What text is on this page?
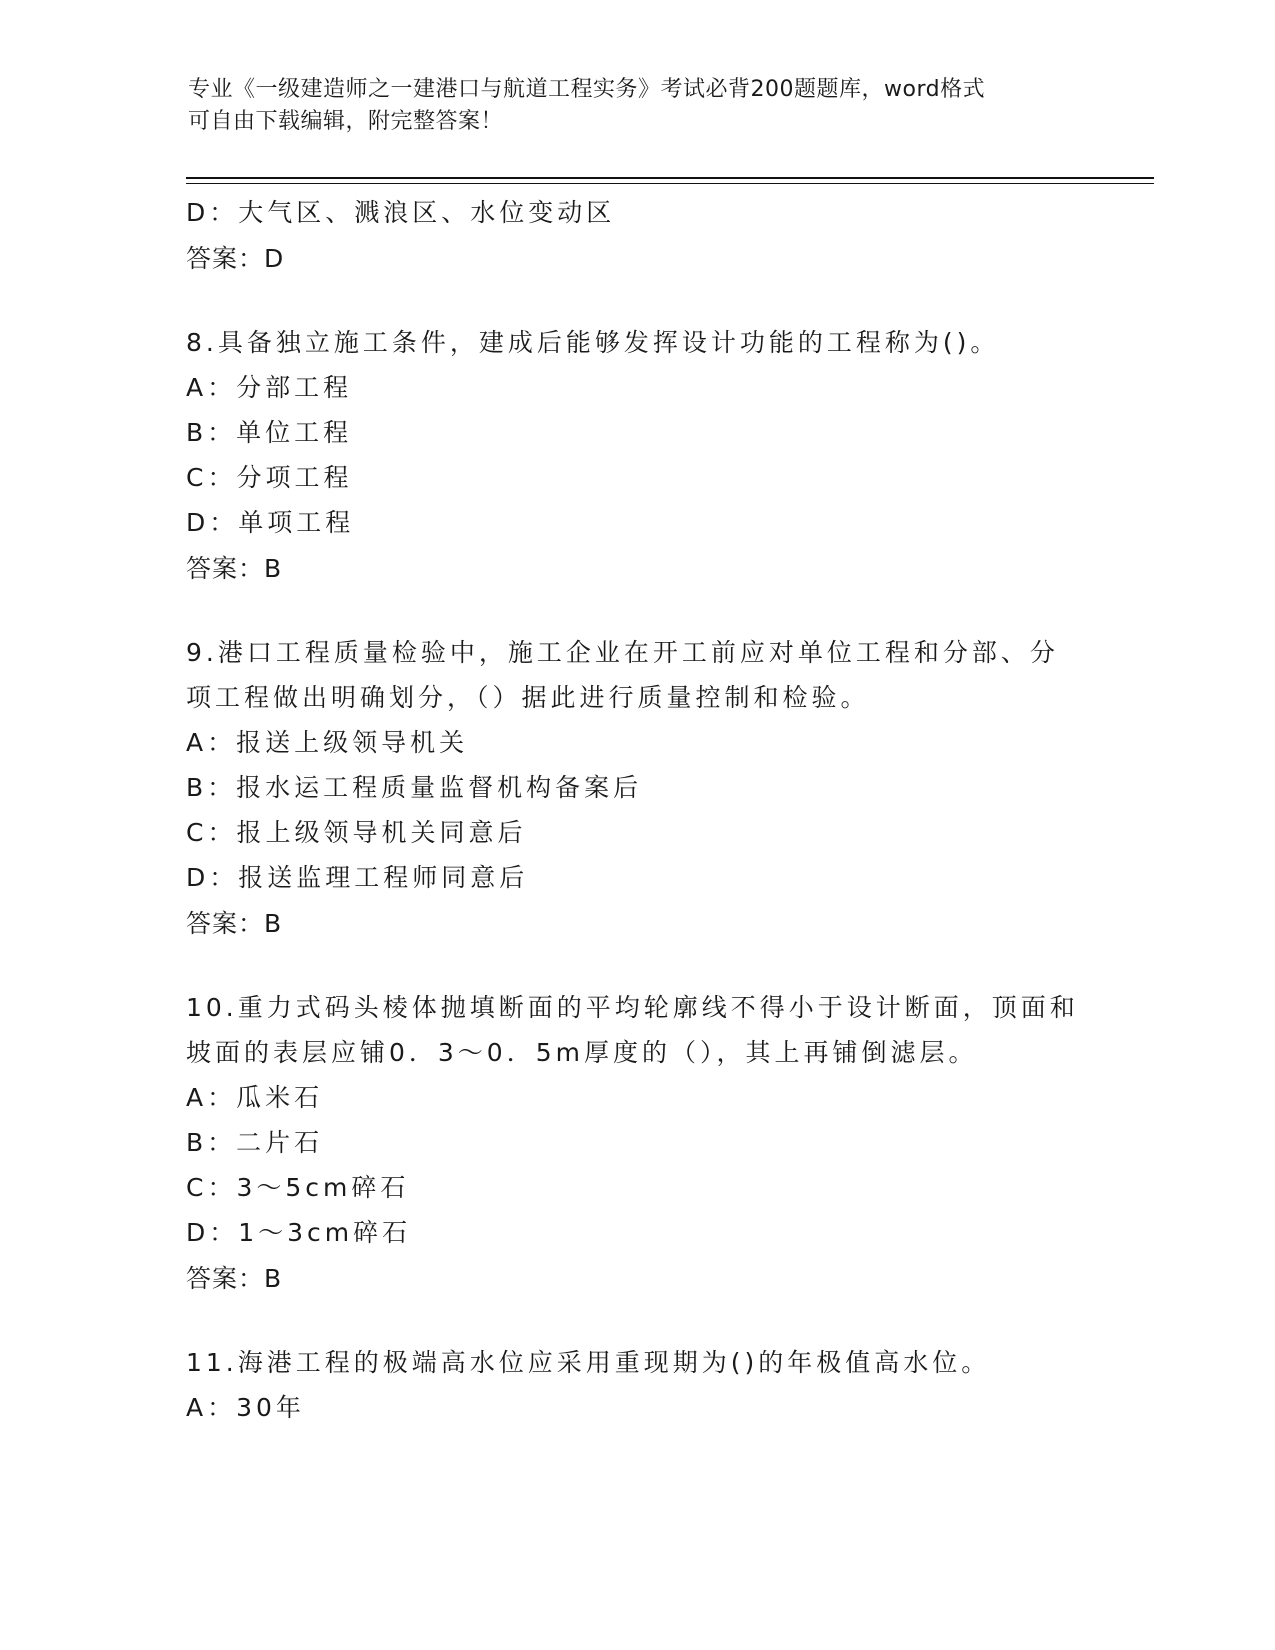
专业《一级建造师之一建港口与航道工程实务》考试必背200题题库，word格式
可自由下载编辑，附完整答案！
D：大气区、溅浪区、水位变动区
答案：D
8.具备独立施工条件，建成后能够发挥设计功能的工程称为()。
A：分部工程
B：单位工程
C：分项工程
D：单项工程
答案：B
9.港口工程质量检验中，施工企业在开工前应对单位工程和分部、分
项工程做出明确划分，（）据此进行质量控制和检验。
A：报送上级领导机关
B：报水运工程质量监督机构备案后
C：报上级领导机关同意后
D：报送监理工程师同意后
答案：B
10.重力式码头棱体抛填断面的平均轮廓线不得小于设计断面，顶面和
坡面的表层应铺0．3～0．5m厚度的（），其上再铺倒滤层。
A：瓜米石
B：二片石
C：3～5cm碎石
D：1～3cm碎石
答案：B
11.海港工程的极端高水位应采用重现期为()的年极值高水位。
A：30年
